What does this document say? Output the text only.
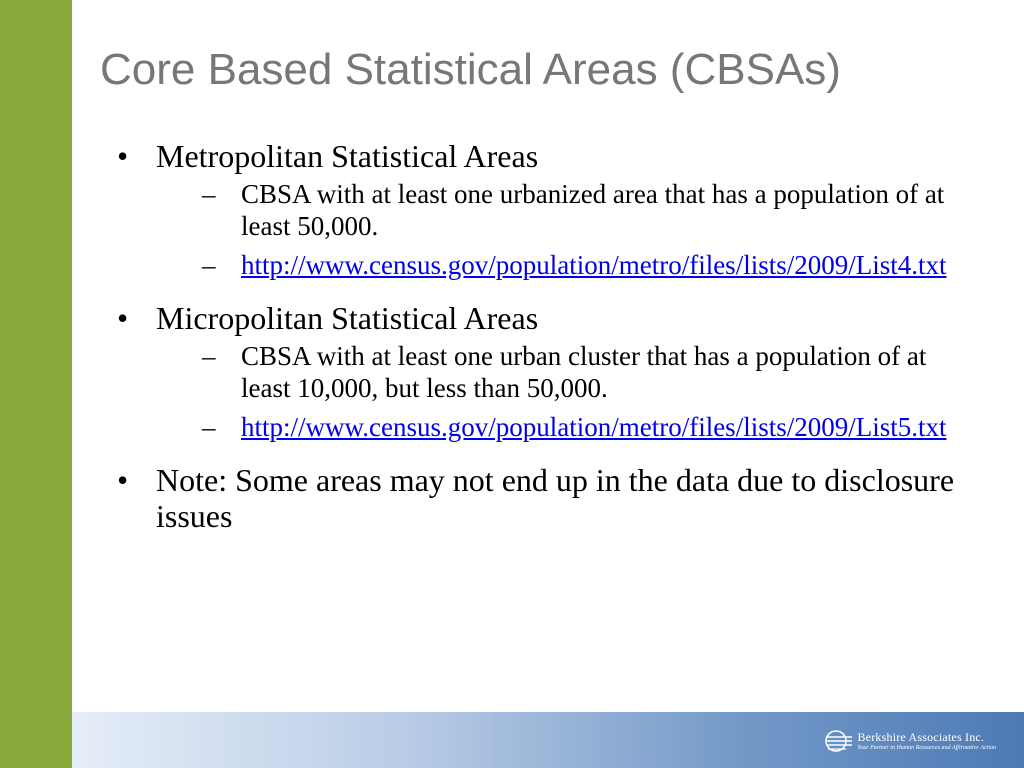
Core Based Statistical Areas (CBSAs)
• Metropolitan Statistical Areas
– CBSA with at least one urbanized area that has a population of at least 50,000.
– http://www.census.gov/population/metro/files/lists/2009/List4.txt
• Micropolitan Statistical Areas
– CBSA with at least one urban cluster that has a population of at least 10,000, but less than 50,000.
– http://www.census.gov/population/metro/files/lists/2009/List5.txt
• Note: Some areas may not end up in the data due to disclosure issues
Berkshire Associates Inc.
Your Partner in Human Resources and Affirmative Action
